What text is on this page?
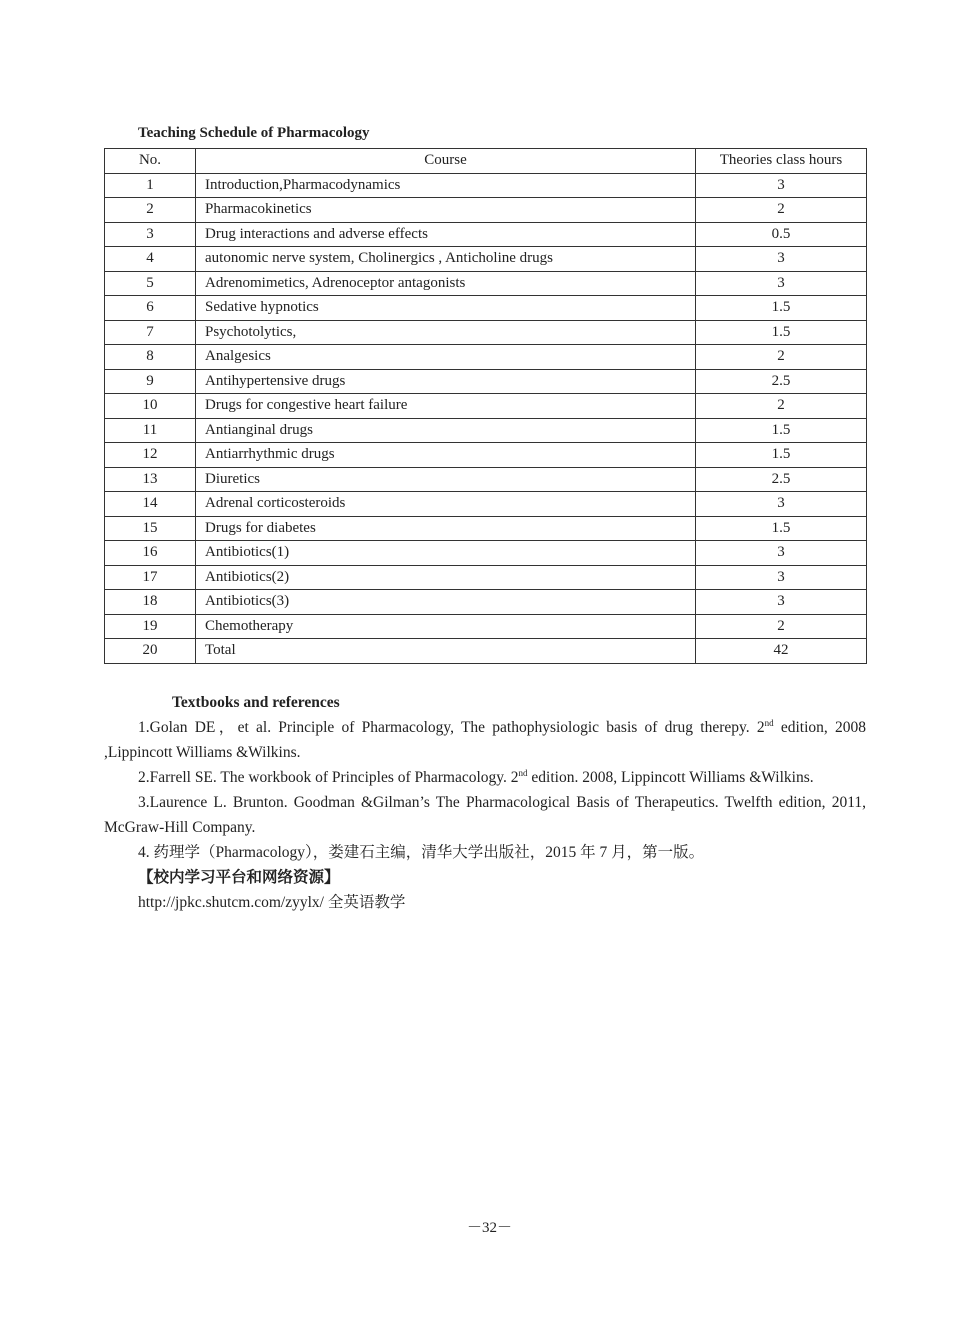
Teaching Schedule of Pharmacology
No.	Course	Theories class hours
1	Introduction,Pharmacodynamics	3
2	Pharmacokinetics	2
3	Drug interactions and adverse effects	0.5
4	autonomic nerve system, Cholinergics , Anticholine drugs	3
5	Adrenomimetics, Adrenoceptor antagonists	3
6	Sedative hypnotics	1.5
7	Psychotolytics,	1.5
8	Analgesics	2
9	Antihypertensive drugs	2.5
10	Drugs for congestive heart failure	2
11	Antianginal drugs	1.5
12	Antiarrhythmic drugs	1.5
13	Diuretics	2.5
14	Adrenal corticosteroids	3
15	Drugs for diabetes	1.5
16	Antibiotics(1)	3
17	Antibiotics(2)	3
18	Antibiotics(3)	3
19	Chemotherapy	2
20	Total	42

Textbooks and references

1.Golan DE，et al. Principle of Pharmacology, The pathophysiologic basis of drug therepy. 2nd edition, 2008 ,Lippincott Williams &Wilkins.

2.Farrell SE. The workbook of Principles of Pharmacology. 2nd edition. 2008, Lippincott Williams &Wilkins.

3.Laurence L. Brunton. Goodman &Gilman’s The Pharmacological Basis of Therapeutics. Twelfth edition, 2011, McGraw-Hill Company.

4. 药理学（Pharmacology），娄建石主编，清华大学出版社，2015 年 7 月，第一版。

【校内学习平台和网络资源】

http://jpkc.shutcm.com/zyylx/ 全英语教学

－32－
